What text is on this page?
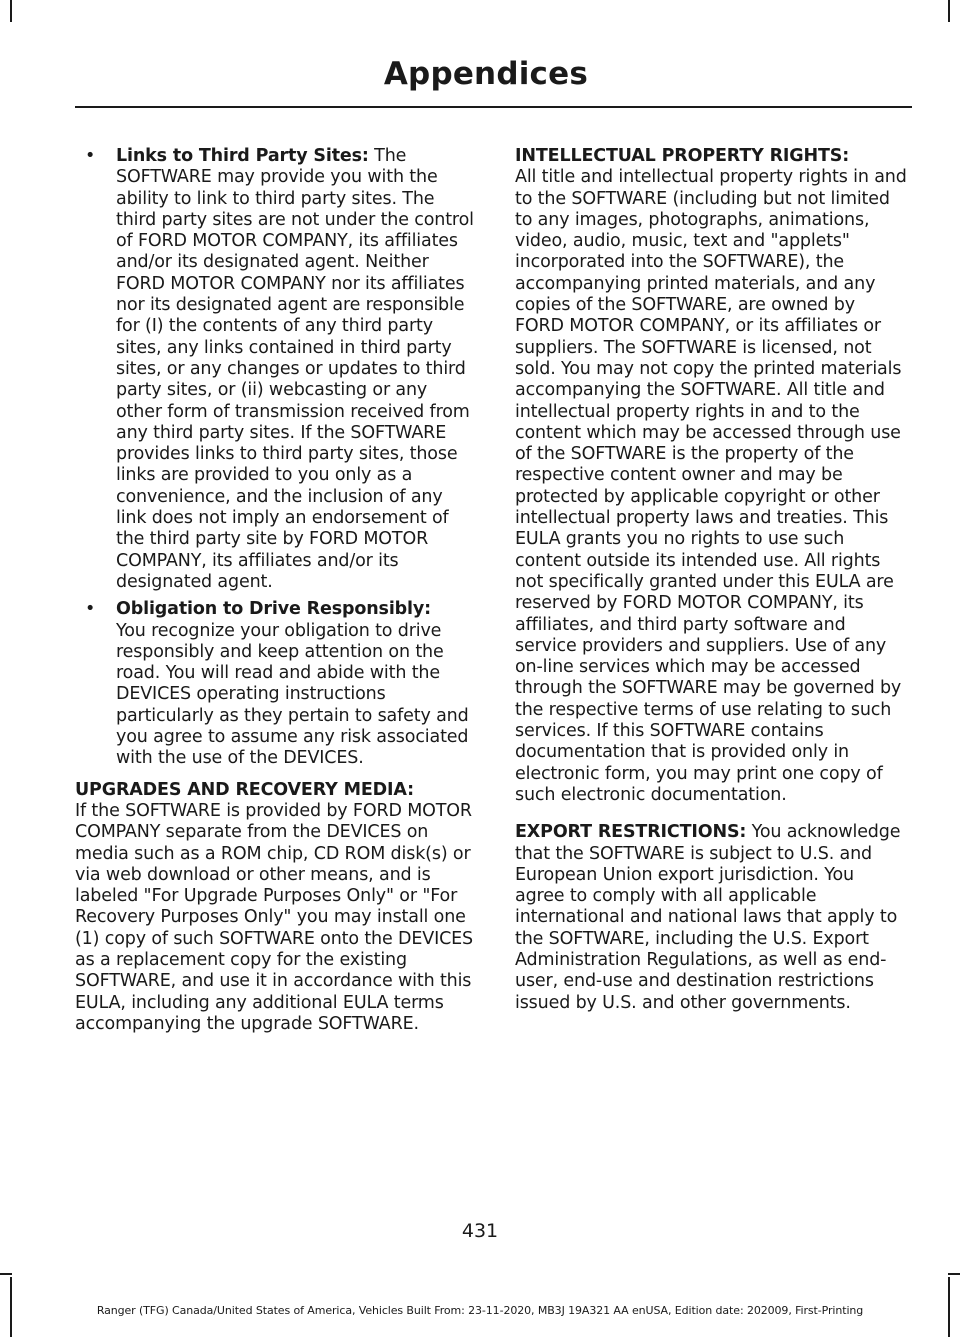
Appendices
• Links to Third Party Sites: The SOFTWARE may provide you with the ability to link to third party sites. The third party sites are not under the control of FORD MOTOR COMPANY, its affiliates and/or its designated agent. Neither FORD MOTOR COMPANY nor its affiliates nor its designated agent are responsible for (I) the contents of any third party sites, any links contained in third party sites, or any changes or updates to third party sites, or (ii) webcasting or any other form of transmission received from any third party sites. If the SOFTWARE provides links to third party sites, those links are provided to you only as a convenience, and the inclusion of any link does not imply an endorsement of the third party site by FORD MOTOR COMPANY, its affiliates and/or its designated agent.
• Obligation to Drive Responsibly:
You recognize your obligation to drive responsibly and keep attention on the road. You will read and abide with the DEVICES operating instructions particularly as they pertain to safety and you agree to assume any risk associated with the use of the DEVICES.
UPGRADES AND RECOVERY MEDIA:
If the SOFTWARE is provided by FORD MOTOR COMPANY separate from the DEVICES on media such as a ROM chip, CD ROM disk(s) or via web download or other means, and is labeled "For Upgrade Purposes Only" or "For Recovery Purposes Only" you may install one (1) copy of such SOFTWARE onto the DEVICES as a replacement copy for the existing SOFTWARE, and use it in accordance with this EULA, including any additional EULA terms accompanying the upgrade SOFTWARE.
INTELLECTUAL PROPERTY RIGHTS:
All title and intellectual property rights in and to the SOFTWARE (including but not limited to any images, photographs, animations, video, audio, music, text and "applets" incorporated into the SOFTWARE), the accompanying printed materials, and any copies of the SOFTWARE, are owned by FORD MOTOR COMPANY, or its affiliates or suppliers. The SOFTWARE is licensed, not sold. You may not copy the printed materials accompanying the SOFTWARE. All title and intellectual property rights in and to the content which may be accessed through use of the SOFTWARE is the property of the respective content owner and may be protected by applicable copyright or other intellectual property laws and treaties. This EULA grants you no rights to use such content outside its intended use. All rights not specifically granted under this EULA are reserved by FORD MOTOR COMPANY, its affiliates, and third party software and service providers and suppliers. Use of any on-line services which may be accessed through the SOFTWARE may be governed by the respective terms of use relating to such services. If this SOFTWARE contains documentation that is provided only in electronic form, you may print one copy of such electronic documentation.
EXPORT RESTRICTIONS: You acknowledge that the SOFTWARE is subject to U.S. and European Union export jurisdiction. You agree to comply with all applicable international and national laws that apply to the SOFTWARE, including the U.S. Export Administration Regulations, as well as end-user, end-use and destination restrictions issued by U.S. and other governments.
431
Ranger (TFG) Canada/United States of America, Vehicles Built From: 23-11-2020, MB3J 19A321 AA enUSA, Edition date: 202009, First-Printing
